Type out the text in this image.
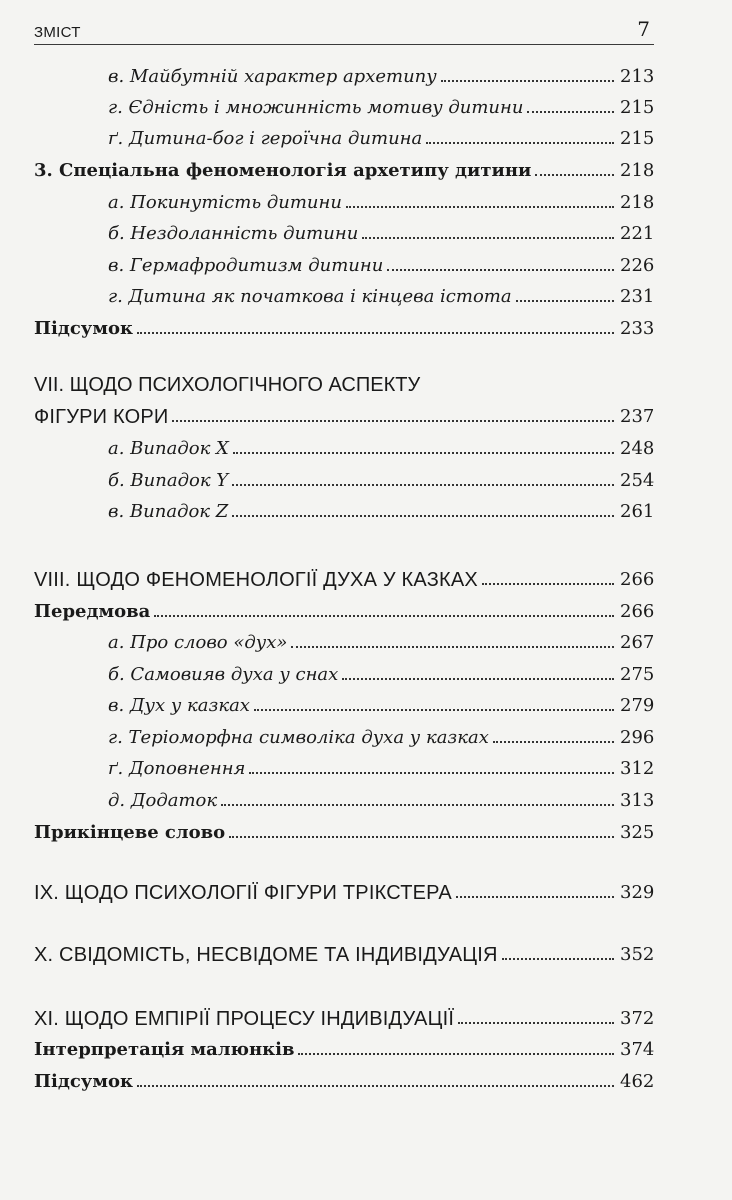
ЗМІСТ	7
в. Майбутній характер архетипу	213
г. Єдність і множинність мотиву дитини	215
ґ. Дитина-бог і героїчна дитина	215
3. Спеціальна феноменологія архетипу дитини	218
а. Покинутість дитини	218
б. Нездоланність дитини	221
в. Гермафродитизм дитини	226
г. Дитина як початкова і кінцева істота	231
Підсумок	233
VII. ЩОДО ПСИХОЛОГІЧНОГО АСПЕКТУ
ФІГУРИ КОРИ	237
а. Випадок X	248
б. Випадок Y	254
в. Випадок Z	261
VIII. ЩОДО ФЕНОМЕНОЛОГІЇ ДУХА У КАЗКАХ	266
Передмова	266
а. Про слово «дух»	267
б. Самовияв духа у снах	275
в. Дух у казках	279
г. Теріоморфна символіка духа у казках	296
ґ. Доповнення	312
д. Додаток	313
Прикінцеве слово	325
IX. ЩОДО ПСИХОЛОГІЇ ФІГУРИ ТРІКСТЕРА	329
X. СВІДОМІСТЬ, НЕСВІДОМЕ ТА ІНДИВІДУАЦІЯ	352
XI. ЩОДО ЕМПІРІЇ ПРОЦЕСУ ІНДИВІДУАЦІЇ	372
Інтерпретація малюнків	374
Підсумок	462
